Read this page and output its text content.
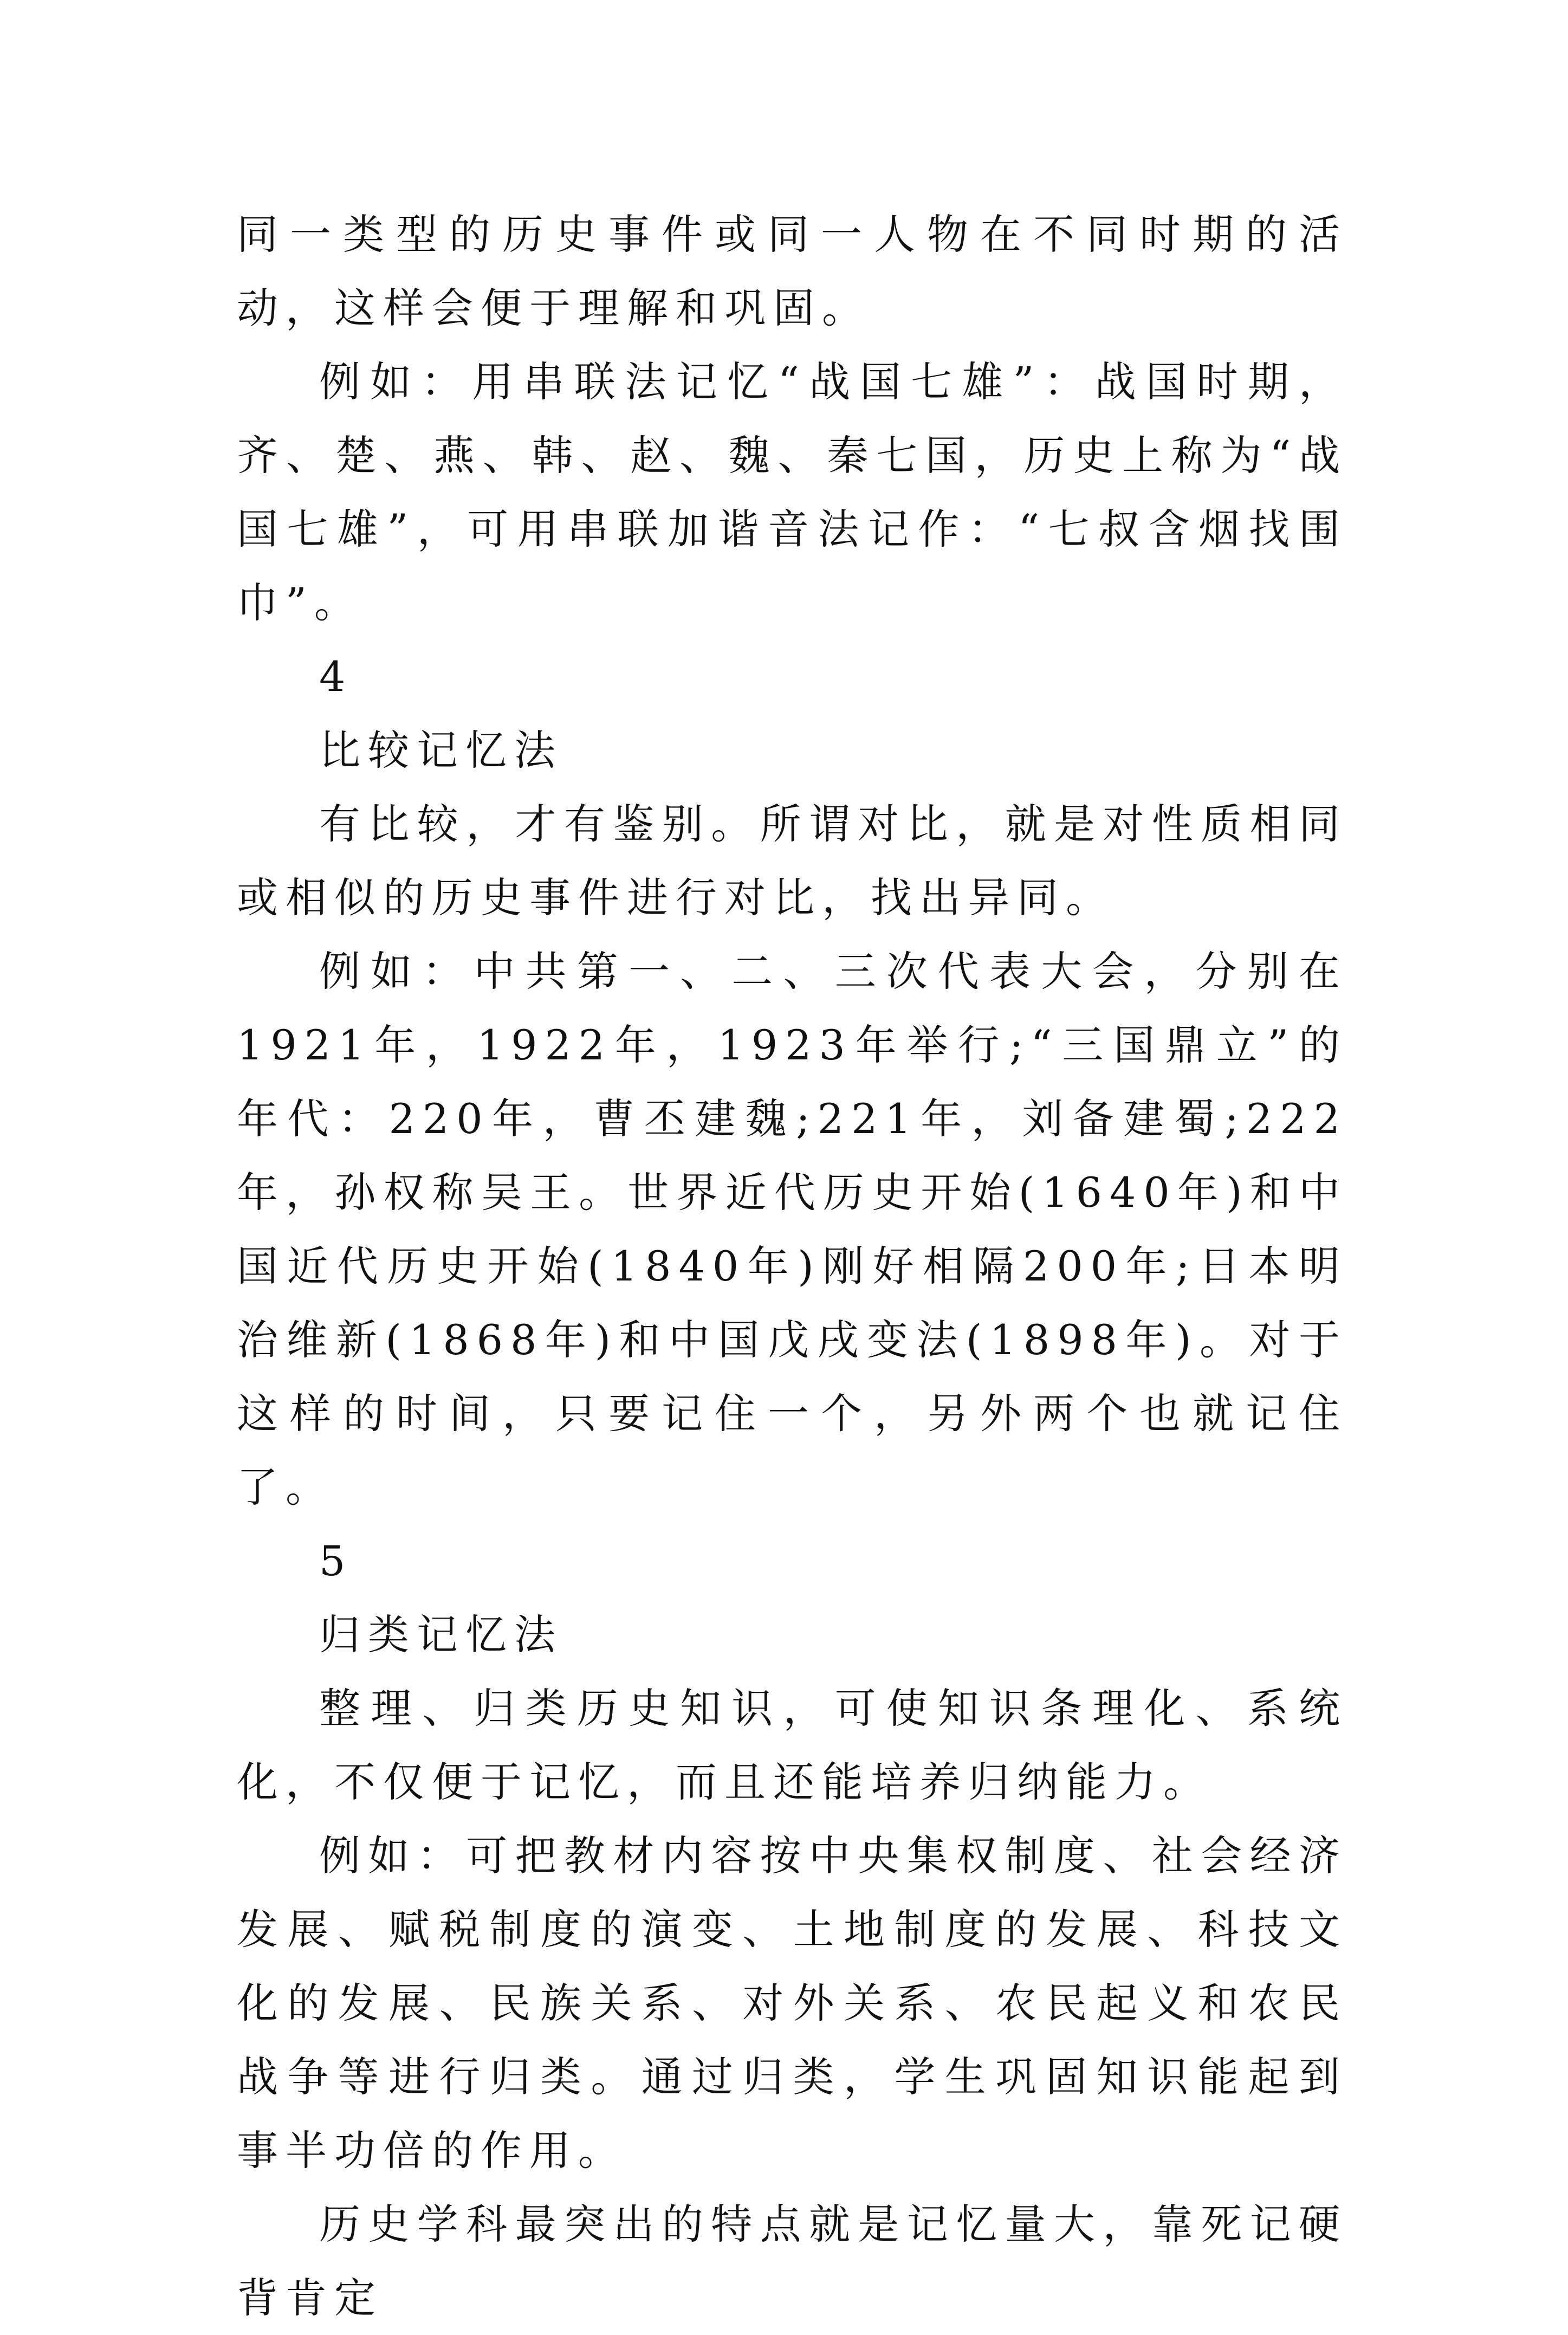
同一类型的历史事件或同一人物在不同时期的活动，这样会便于理解和巩固。

例如：用串联法记忆“战国七雄”：战国时期，齐、楚、燕、韩、赵、魏、秦七国，历史上称为“战国七雄”，可用串联加谐音法记作：“七叔含烟找围巾”。

4

比较记忆法

有比较，才有鉴别。所谓对比，就是对性质相同或相似的历史事件进行对比，找出异同。

例如：中共第一、二、三次代表大会，分别在1921年，1922年，1923年举行;“三国鼎立”的年代：220年，曹丕建魏;221年，刘备建蜀;222年，孙权称吴王。世界近代历史开始(1640年)和中国近代历史开始(1840年)刚好相隔200年;日本明治维新(1868年)和中国戊戌变法(1898年)。对于这样的时间，只要记住一个，另外两个也就记住了。

5

归类记忆法

整理、归类历史知识，可使知识条理化、系统化，不仅便于记忆，而且还能培养归纳能力。

例如：可把教材内容按中央集权制度、社会经济发展、赋税制度的演变、土地制度的发展、科技文化的发展、民族关系、对外关系、农民起义和农民战争等进行归类。通过归类，学生巩固知识能起到事半功倍的作用。

历史学科最突出的特点就是记忆量大，靠死记硬背肯定
